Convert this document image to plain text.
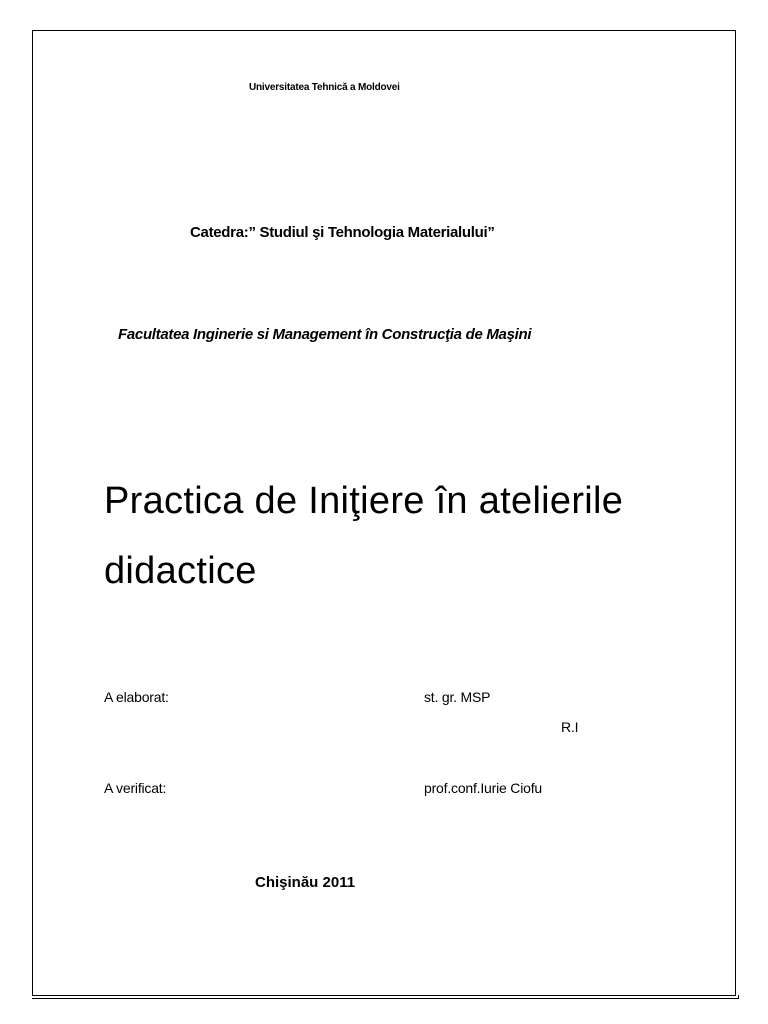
Universitatea Tehnică a Moldovei
Catedra:” Studiul şi Tehnologia Materialului”
Facultatea Inginerie si Management în Construcţia de Maşini
Practica de Iniţiere în atelierile didactice
A elaborat:	st. gr. MSP
R.I
A verificat:	prof.conf.Iurie Ciofu
Chişinău 2011
